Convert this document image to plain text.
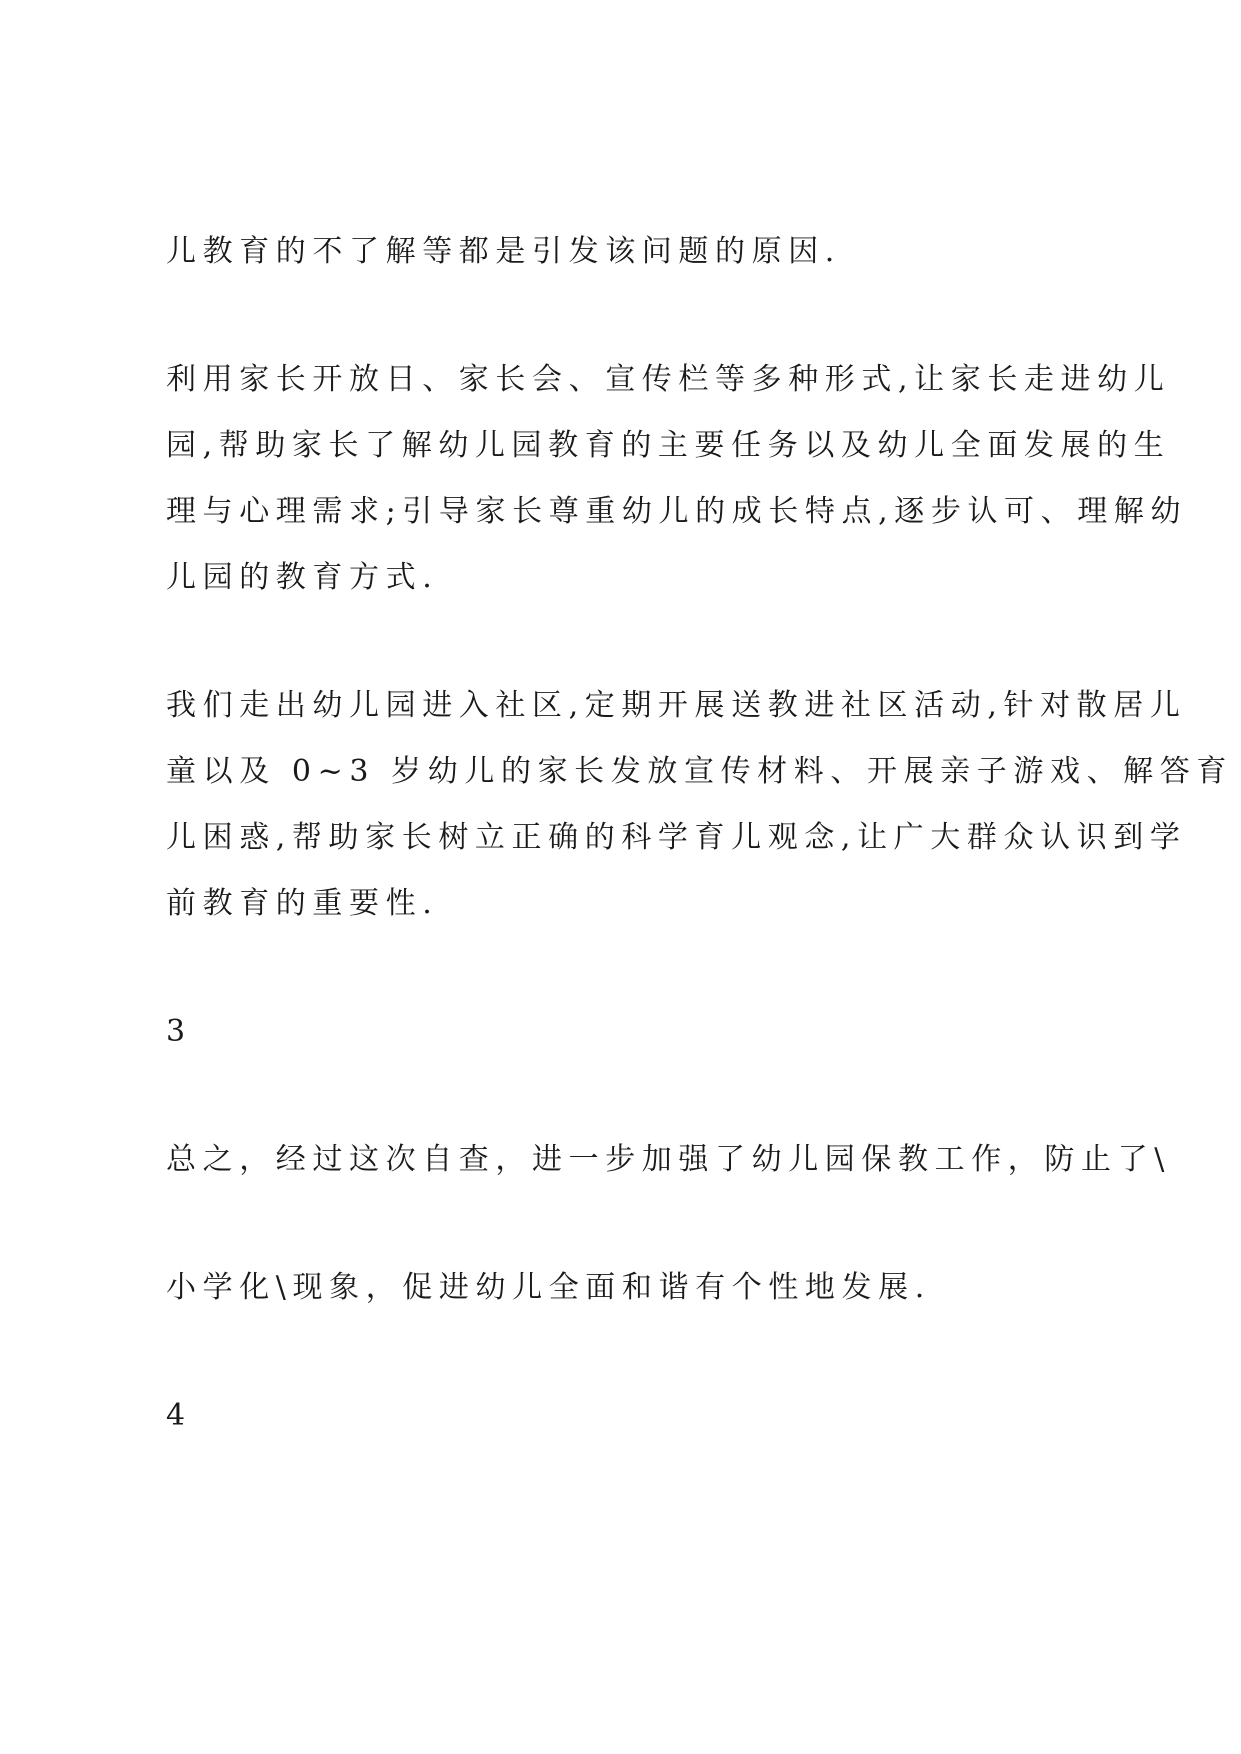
儿教育的不了解等都是引发该问题的原因.
利用家长开放日、家长会、宣传栏等多种形式,让家长走进幼儿
园,帮助家长了解幼儿园教育的主要任务以及幼儿全面发展的生
理与心理需求;引导家长尊重幼儿的成长特点,逐步认可、理解幼
儿园的教育方式.
我们走出幼儿园进入社区,定期开展送教进社区活动,针对散居儿
童以及 0~3 岁幼儿的家长发放宣传材料、开展亲子游戏、解答育
儿困惑,帮助家长树立正确的科学育儿观念,让广大群众认识到学
前教育的重要性.
3
总之，经过这次自查，进一步加强了幼儿园保教工作，防止了\
小学化\现象，促进幼儿全面和谐有个性地发展.
4
